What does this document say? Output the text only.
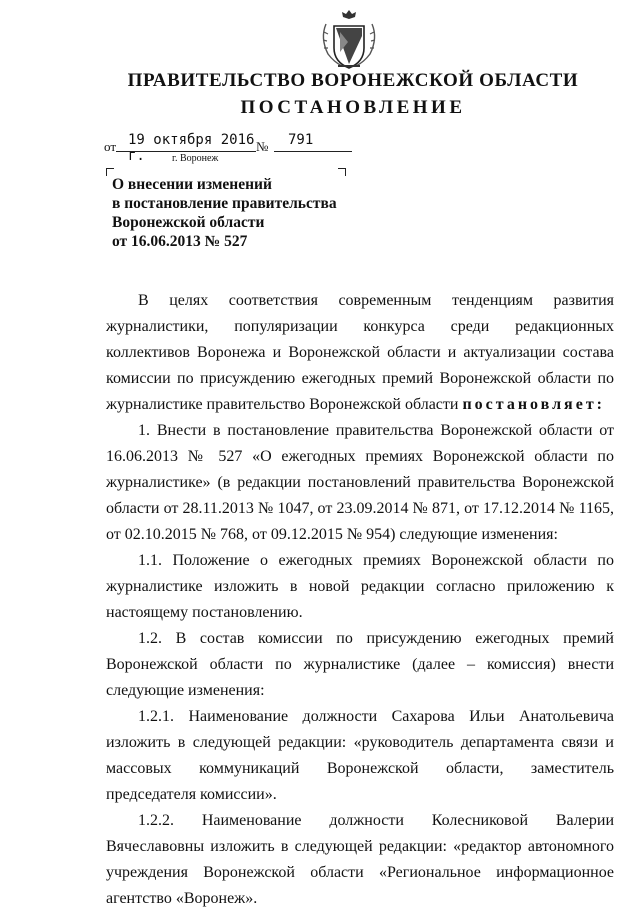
ПРАВИТЕЛЬСТВО ВОРОНЕЖСКОЙ ОБЛАСТИ
ПОСТАНОВЛЕНИЕ
от 19 октября 2016 г.
№	791
г. Воронеж
О внесении изменений
в постановление правительства
Воронежской области
от 16.06.2013 № 527

В целях соответствия современным тенденциям развития журналистики, популяризации конкурса среди редакционных коллективов Воронежа и Воронежской области и актуализации состава комиссии по присуждению ежегодных премий Воронежской области по журналистике правительство Воронежской области постановляет:

1. Внести в постановление правительства Воронежской области от 16.06.2013 № 527 «О ежегодных премиях Воронежской области по журналистике» (в редакции постановлений правительства Воронежской области от 28.11.2013 № 1047, от 23.09.2014 № 871, от 17.12.2014 № 1165, от 02.10.2015 № 768, от 09.12.2015 № 954) следующие изменения:

1.1. Положение о ежегодных премиях Воронежской области по журналистике изложить в новой редакции согласно приложению к настоящему постановлению.

1.2. В состав комиссии по присуждению ежегодных премий Воронежской области по журналистике (далее – комиссия) внести следующие изменения:

1.2.1. Наименование должности Сахарова Ильи Анатольевича изложить в следующей редакции: «руководитель департамента связи и массовых коммуникаций Воронежской области, заместитель председателя комиссии».

1.2.2. Наименование должности Колесниковой Валерии Вячеславовны изложить в следующей редакции: «редактор автономного учреждения Воронежской области «Региональное информационное агентство «Воронеж».
